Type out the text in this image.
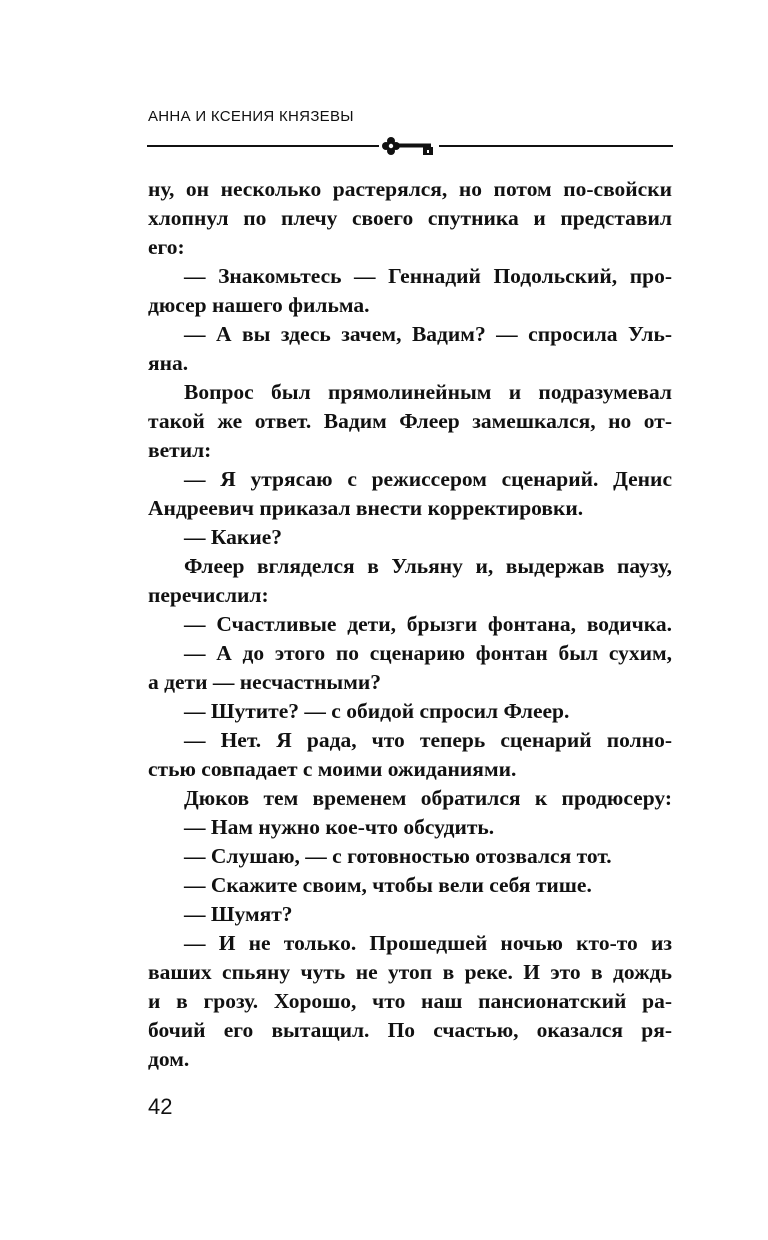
АННА И КСЕНИЯ КНЯЗЕВЫ
ну, он несколько растерялся, но потом по-свойски
хлопнул по плечу своего спутника и представил
его:
— Знакомьтесь — Геннадий Подольский, про-
дюсер нашего фильма.
— А вы здесь зачем, Вадим? — спросила Уль-
яна.
Вопрос был прямолинейным и подразумевал
такой же ответ. Вадим Флеер замешкался, но от-
ветил:
— Я утрясаю с режиссером сценарий. Денис
Андреевич приказал внести корректировки.
— Какие?
Флеер вгляделся в Ульяну и, выдержав паузу,
перечислил:
— Счастливые дети, брызги фонтана, водичка.
— А до этого по сценарию фонтан был сухим,
а дети — несчастными?
— Шутите? — с обидой спросил Флеер.
— Нет. Я рада, что теперь сценарий полно-
стью совпадает с моими ожиданиями.
Дюков тем временем обратился к продюсеру:
— Нам нужно кое-что обсудить.
— Слушаю, — с готовностью отозвался тот.
— Скажите своим, чтобы вели себя тише.
— Шумят?
— И не только. Прошедшей ночью кто-то из
ваших спьяну чуть не утоп в реке. И это в дождь
и в грозу. Хорошо, что наш пансионатский ра-
бочий его вытащил. По счастью, оказался ря-
дом.
42
